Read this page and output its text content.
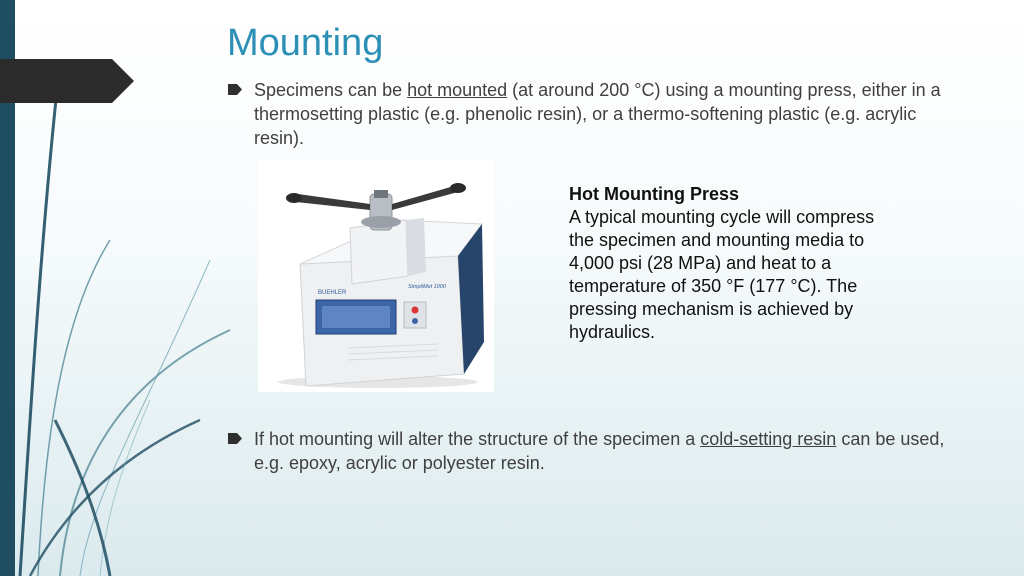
Mounting
Specimens can be hot mounted (at around 200 °C) using a mounting press, either in a thermosetting plastic (e.g. phenolic resin), or a thermo-softening plastic (e.g. acrylic resin).
BUEHLER
SimpliMet 1000
Hot Mounting Press
A typical mounting cycle will compress the specimen and mounting media to 4,000 psi (28 MPa) and heat to a temperature of 350 °F (177 °C). The pressing mechanism is achieved by hydraulics.
If hot mounting will alter the structure of the specimen a cold-setting resin can be used, e.g. epoxy, acrylic or polyester resin.
